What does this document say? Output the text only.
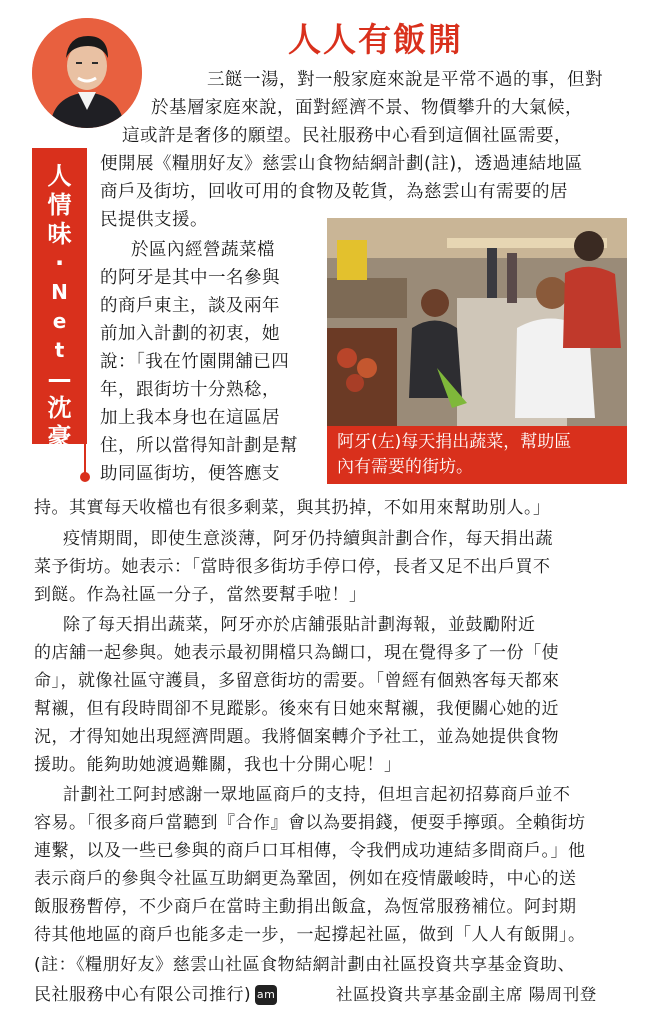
人人有飯開
人
情
味
·
N
e
t
—
沈
豪
傑
三餸一湯，對一般家庭來說是平常不過的事，但對
於基層家庭來說，面對經濟不景、物價攀升的大氣候，
這或許是奢侈的願望。民社服務中心看到這個社區需要，
便開展《糧朋好友》慈雲山食物結網計劃(註)，透過連結地區
商戶及街坊，回收可用的食物及乾貨，為慈雲山有需要的居
民提供支援。
於區內經營蔬菜檔
的阿牙是其中一名參與
的商戶東主，談及兩年
前加入計劃的初衷，她
說：「我在竹園開舖已四
年，跟街坊十分熟稔，
加上我本身也在這區居
住，所以當得知計劃是幫
助同區街坊，便答應支
持。其實每天收檔也有很多剩菜，與其扔掉，不如用來幫助別人。」
疫情期間，即使生意淡薄，阿牙仍持續與計劃合作，每天捐出蔬
菜予街坊。她表示：「當時很多街坊手停口停，長者又足不出戶買不
到餸。作為社區一分子，當然要幫手啦！」
除了每天捐出蔬菜，阿牙亦於店舖張貼計劃海報，並鼓勵附近
的店舖一起參與。她表示最初開檔只為餬口，現在覺得多了一份「使
命」，就像社區守護員，多留意街坊的需要。「曾經有個熟客每天都來
幫襯，但有段時間卻不見蹤影。後來有日她來幫襯，我便關心她的近
況，才得知她出現經濟問題。我將個案轉介予社工，並為她提供食物
援助。能夠助她渡過難關，我也十分開心呢！」
計劃社工阿封感謝一眾地區商戶的支持，但坦言起初招募商戶並不
容易。「很多商戶當聽到『合作』會以為要捐錢，便耍手擰頭。全賴街坊
連繫，以及一些已參與的商戶口耳相傳，令我們成功連結多間商戶。」他
表示商戶的參與令社區互助網更為鞏固，例如在疫情嚴峻時，中心的送
飯服務暫停，不少商戶在當時主動捐出飯盒，為恆常服務補位。阿封期
待其他地區的商戶也能多走一步，一起撐起社區，做到「人人有飯開」。
(註：《糧朋好友》慈雲山社區食物結網計劃由社區投資共享基金資助、
民社服務中心有限公司推行) am	社區投資共享基金副主席 陽周刊登
阿牙(左)每天捐出蔬菜，幫助區
內有需要的街坊。
